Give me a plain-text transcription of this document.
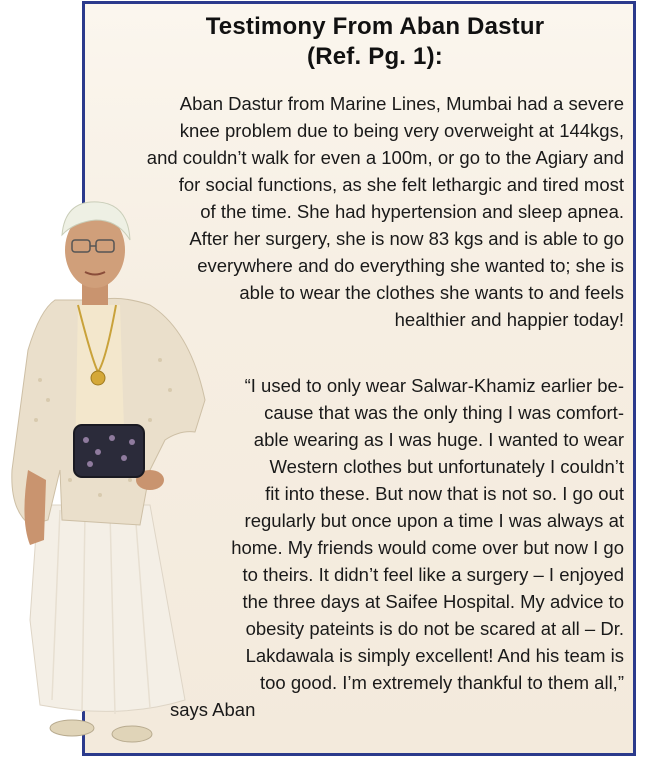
Testimony From Aban Dastur
(Ref. Pg. 1):
Aban Dastur from Marine Lines, Mumbai had a severe
knee problem due to being very overweight at 144kgs,
and couldn’t walk for even a 100m, or go to the Agiary and
for social functions, as she felt lethargic and tired most
of the time. She had hypertension and sleep apnea.
After her surgery, she is now 83 kgs and is able to go
everywhere and do everything she wanted to; she is
able to wear the clothes she wants to and feels
healthier and happier today!
“I used to only wear Salwar-Khamiz earlier be-
cause that was the only thing I was comfort-
able wearing as I was huge. I wanted to wear
Western clothes but unfortunately I couldn’t
fit into these. But now that is not so. I go out
regularly but once upon a time I was always at
home. My friends would come over but now I go
to theirs. It didn’t feel like a surgery – I enjoyed
the three days at Saifee Hospital. My advice to
obesity pateints is do not be scared at all – Dr.
Lakdawala is simply excellent! And his team is
too good. I’m extremely thankful to them all,”
says Aban
